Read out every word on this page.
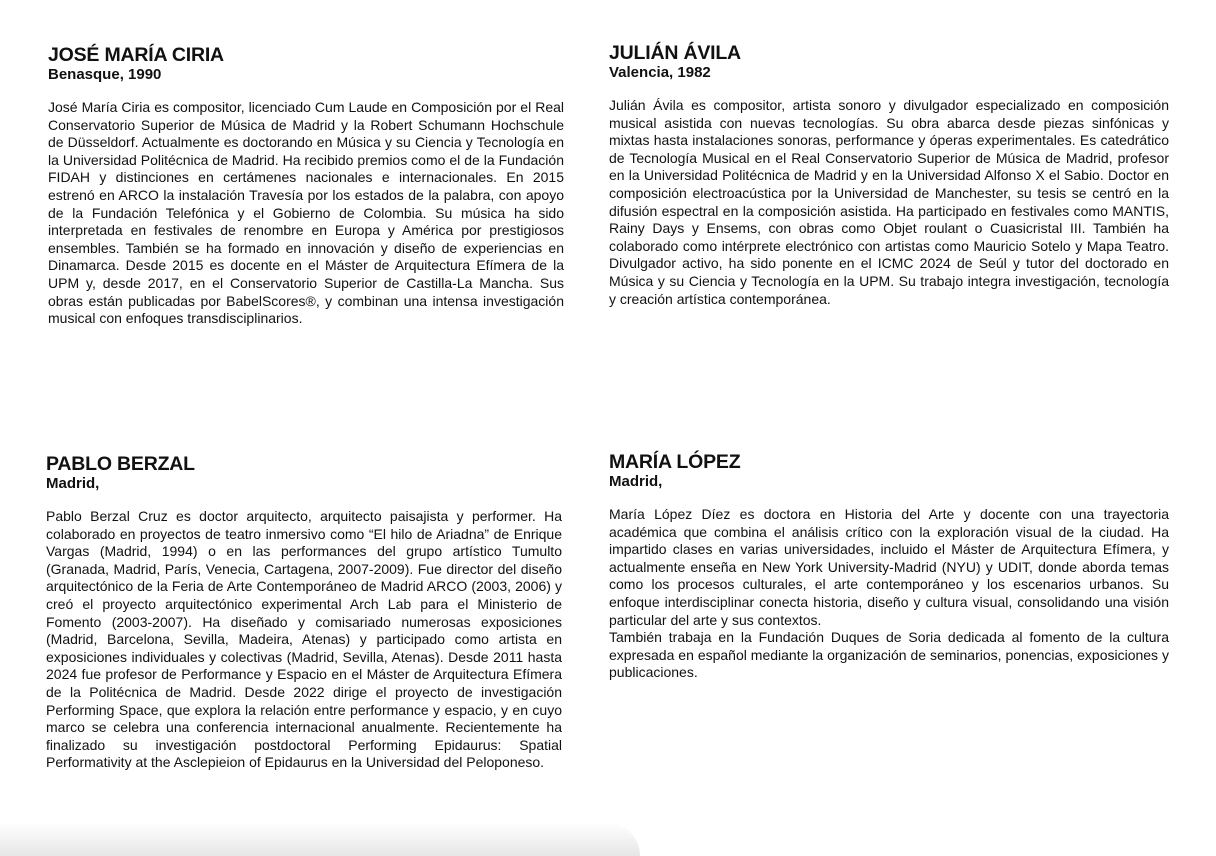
JOSÉ MARÍA CIRIA
Benasque, 1990

José María Ciria es compositor, licenciado Cum Laude en Composición por el Real Conservatorio Superior de Música de Madrid y la Robert Schumann Hochschule de Düsseldorf. Actualmente es doctorando en Música y su Ciencia y Tecnología en la Universidad Politécnica de Madrid. Ha recibido premios como el de la Fundación FIDAH y distinciones en certámenes nacionales e internacionales. En 2015 estrenó en ARCO la instalación Travesía por los estados de la palabra, con apoyo de la Fundación Telefónica y el Gobierno de Colombia. Su música ha sido interpretada en festivales de renombre en Europa y América por prestigiosos ensembles. También se ha formado en innovación y diseño de experiencias en Dinamarca. Desde 2015 es docente en el Máster de Arquitectura Efímera de la UPM y, desde 2017, en el Conservatorio Superior de Castilla-La Mancha. Sus obras están publicadas por BabelScores®, y combinan una intensa investigación musical con enfoques transdisciplinarios.

JULIÁN ÁVILA
Valencia, 1982

Julián Ávila es compositor, artista sonoro y divulgador especializado en composición musical asistida con nuevas tecnologías. Su obra abarca desde piezas sinfónicas y mixtas hasta instalaciones sonoras, performance y óperas experimentales. Es catedrático de Tecnología Musical en el Real Conservatorio Superior de Música de Madrid, profesor en la Universidad Politécnica de Madrid y en la Universidad Alfonso X el Sabio. Doctor en composición electroacústica por la Universidad de Manchester, su tesis se centró en la difusión espectral en la composición asistida. Ha participado en festivales como MANTIS, Rainy Days y Ensems, con obras como Objet roulant o Cuasicristal III. También ha colaborado como intérprete electrónico con artistas como Mauricio Sotelo y Mapa Teatro. Divulgador activo, ha sido ponente en el ICMC 2024 de Seúl y tutor del doctorado en Música y su Ciencia y Tecnología en la UPM. Su trabajo integra investigación, tecnología y creación artística contemporánea.

PABLO BERZAL
Madrid,

Pablo Berzal Cruz es doctor arquitecto, arquitecto paisajista y performer. Ha colaborado en proyectos de teatro inmersivo como “El hilo de Ariadna” de Enrique Vargas (Madrid, 1994) o en las performances del grupo artístico Tumulto (Granada, Madrid, París, Venecia, Cartagena, 2007-2009). Fue director del diseño arquitectónico de la Feria de Arte Contemporáneo de Madrid ARCO (2003, 2006) y creó el proyecto arquitectónico experimental Arch Lab para el Ministerio de Fomento (2003-2007). Ha diseñado y comisariado numerosas exposiciones (Madrid, Barcelona, Sevilla, Madeira, Atenas) y participado como artista en exposiciones individuales y colectivas (Madrid, Sevilla, Atenas). Desde 2011 hasta 2024 fue profesor de Performance y Espacio en el Máster de Arquitectura Efímera de la Politécnica de Madrid. Desde 2022 dirige el proyecto de investigación Performing Space, que explora la relación entre performance y espacio, y en cuyo marco se celebra una conferencia internacional anualmente. Recientemente ha finalizado su investigación postdoctoral Performing Epidaurus: Spatial Performativity at the Asclepieion of Epidaurus en la Universidad del Peloponeso.

MARÍA LÓPEZ
Madrid,

María López Díez es doctora en Historia del Arte y docente con una trayectoria académica que combina el análisis crítico con la exploración visual de la ciudad. Ha impartido clases en varias universidades, incluido el Máster de Arquitectura Efímera, y actualmente enseña en New York University-Madrid (NYU) y UDIT, donde aborda temas como los procesos culturales, el arte contemporáneo y los escenarios urbanos. Su enfoque interdisciplinar conecta historia, diseño y cultura visual, consolidando una visión particular del arte y sus contextos.

También trabaja en la Fundación Duques de Soria dedicada al fomento de la cultura expresada en español mediante la organización de seminarios, ponencias, exposiciones y publicaciones.
